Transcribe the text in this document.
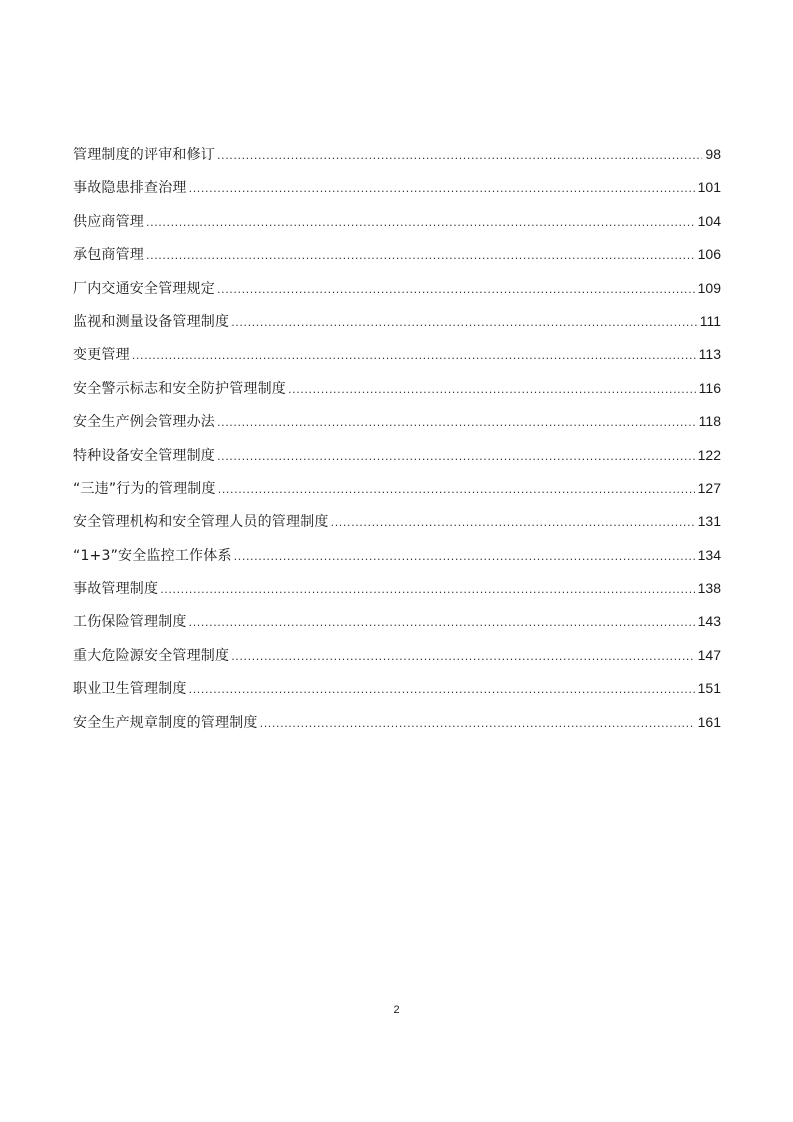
管理制度的评审和修订 .....	98
事故隐患排查治理 .....	101
供应商管理 .....	104
承包商管理 .....	106
厂内交通安全管理规定 .....	109
监视和测量设备管理制度 .....	111
变更管理 .....	113
安全警示标志和安全防护管理制度 .....	116
安全生产例会管理办法 .....	118
特种设备安全管理制度 .....	122
“三违”行为的管理制度 .....	127
安全管理机构和安全管理人员的管理制度 .....	131
“1+3”安全监控工作体系 .....	134
事故管理制度 .....	138
工伤保险管理制度 .....	143
重大危险源安全管理制度 .....	147
职业卫生管理制度 .....	151
安全生产规章制度的管理制度 .....	161
2
